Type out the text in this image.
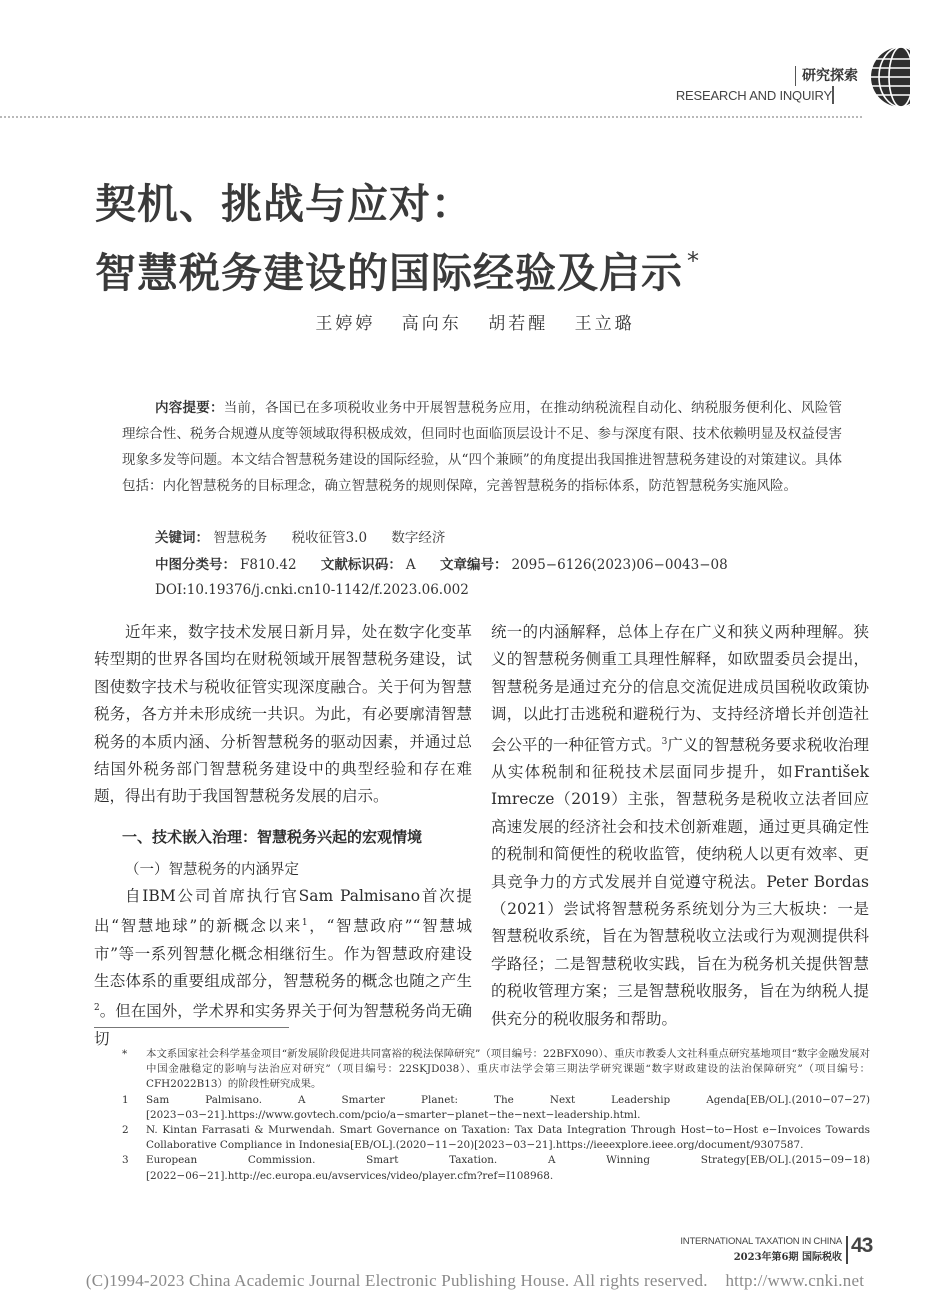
研究探索
RESEARCH AND INQUIRY
契机、挑战与应对：
智慧税务建设的国际经验及启示 *
王婷婷 高向东 胡若醒 王立璐
内容提要：当前，各国已在多项税收业务中开展智慧税务应用，在推动纳税流程自动化、纳税服务便利化、风险管理综合性、税务合规遵从度等领域取得积极成效，但同时也面临顶层设计不足、参与深度有限、技术依赖明显及权益侵害现象多发等问题。本文结合智慧税务建设的国际经验，从“四个兼顾”的角度提出我国推进智慧税务建设的对策建议。具体包括：内化智慧税务的目标理念，确立智慧税务的规则保障，完善智慧税务的指标体系，防范智慧税务实施风险。
关键词： 智慧税务 税收征管3.0 数字经济
中图分类号： F810.42 文献标识码： A 文章编号： 2095−6126(2023)06−0043−08
DOI:10.19376/j.cnki.cn10-1142/f.2023.06.002

近年来，数字技术发展日新月异，处在数字化变革转型期的世界各国均在财税领域开展智慧税务建设，试图使数字技术与税收征管实现深度融合。关于何为智慧税务，各方并未形成统一共识。为此，有必要廓清智慧税务的本质内涵、分析智慧税务的驱动因素，并通过总结国外税务部门智慧税务建设中的典型经验和存在难题，得出有助于我国智慧税务发展的启示。

一、技术嵌入治理：智慧税务兴起的宏观情境
（一）智慧税务的内涵界定

自IBM公司首席执行官Sam Palmisano首次提出“智慧地球”的新概念以来$^1$，“智慧政府”“智慧城市”等一系列智慧化概念相继衍生。作为智慧政府建设生态体系的重要组成部分，智慧税务的概念也随之产生$^2$。但在国外，学术界和实务界关于何为智慧税务尚无确切

统一的内涵解释，总体上存在广义和狭义两种理解。狭义的智慧税务侧重工具理性解释，如欧盟委员会提出，智慧税务是通过充分的信息交流促进成员国税收政策协调，以此打击逃税和避税行为、支持经济增长并创造社会公平的一种征管方式。$^3$广义的智慧税务要求税收治理从实体税制和征税技术层面同步提升，如František Imrecze（2019）主张，智慧税务是税收立法者回应高速发展的经济社会和技术创新难题，通过更具确定性的税制和简便性的税收监管，使纳税人以更有效率、更具竞争力的方式发展并自觉遵守税法。Peter Bordas（2021）尝试将智慧税务系统划分为三大板块：一是智慧税收系统，旨在为智慧税收立法或行为观测提供科学路径；二是智慧税收实践，旨在为税务机关提供智慧的税收管理方案；三是智慧税收服务，旨在为纳税人提供充分的税收服务和帮助。

* 本文系国家社会科学基金项目“新发展阶段促进共同富裕的税法保障研究”（项目编号：22BFX090）、重庆市教委人文社科重点研究基地项目“数字金融发展对中国金融稳定的影响与法治应对研究”（项目编号：22SKJD038）、重庆市法学会第三期法学研究课题“数字财政建设的法治保障研究”（项目编号：CFH2022B13）的阶段性研究成果。
1 Sam Palmisano. A Smarter Planet: The Next Leadership Agenda[EB/OL].(2010−07−27)[2023−03−21].https://www.govtech.com/pcio/a−smarter−planet−the−next−leadership.html.
2 N. Kintan Farrasati & Murwendah. Smart Governance on Taxation: Tax Data Integration Through Host−to−Host e−Invoices Towards Collaborative Compliance in Indonesia[EB/OL].(2020−11−20)[2023−03−21].https://ieeexplore.ieee.org/document/9307587.
3 European Commission. Smart Taxation. A Winning Strategy[EB/OL].(2015−09−18)[2022−06−21].http://ec.europa.eu/avservices/video/player.cfm?ref=I108968.
INTERNATIONAL TAXATION IN CHINA
2023年第6期 国际税收
43
(C)1994-2023 China Academic Journal Electronic Publishing House. All rights reserved.    http://www.cnki.net
